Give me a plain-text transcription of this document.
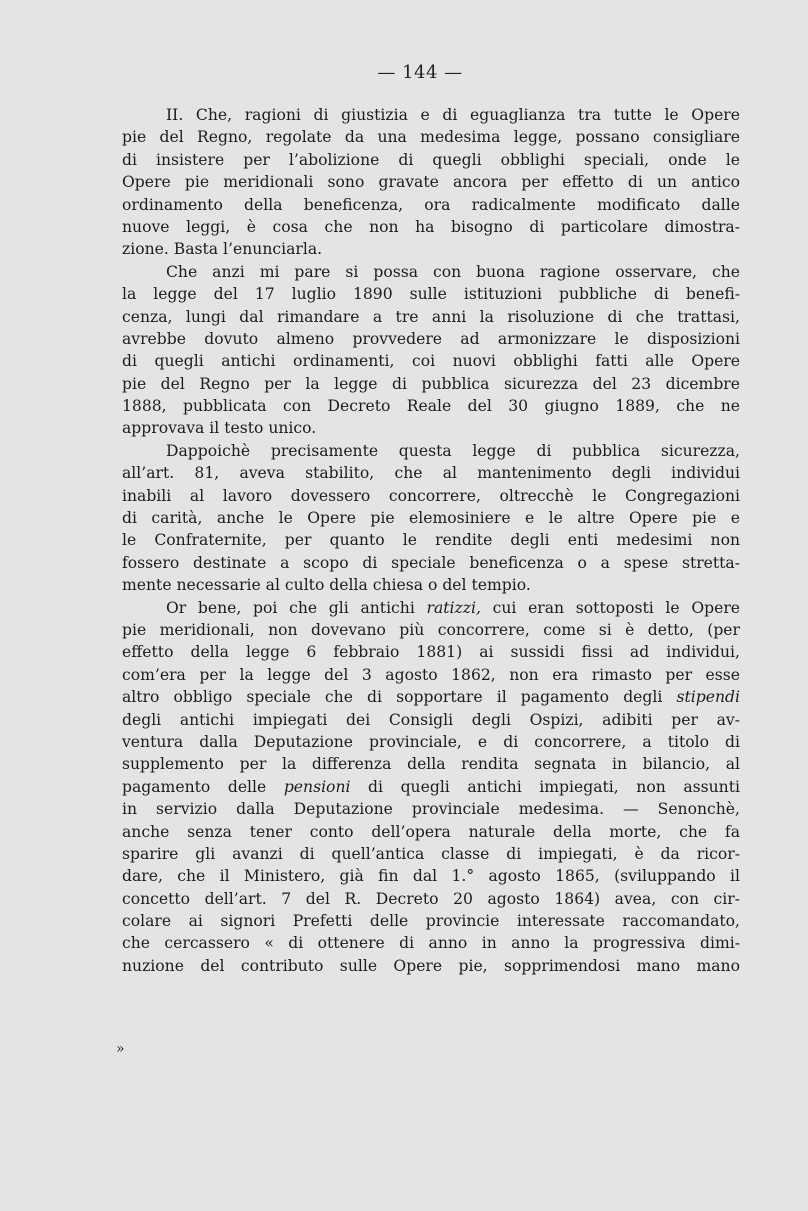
— 144 —
II. Che, ragioni di giustizia e di eguaglianza tra tutte le Opere
pie del Regno, regolate da una medesima legge, possano consigliare
di insistere per l’abolizione di quegli obblighi speciali, onde le
Opere pie meridionali sono gravate ancora per effetto di un antico
ordinamento della beneficenza, ora radicalmente modificato dalle
nuove leggi, è cosa che non ha bisogno di particolare dimostra-
zione. Basta l’enunciarla.
Che anzi mi pare si possa con buona ragione osservare, che
la legge del 17 luglio 1890 sulle istituzioni pubbliche di benefi-
cenza, lungi dal rimandare a tre anni la risoluzione di che trattasi,
avrebbe dovuto almeno provvedere ad armonizzare le disposizioni
di quegli antichi ordinamenti, coi nuovi obblighi fatti alle Opere
pie del Regno per la legge di pubblica sicurezza del 23 dicembre
1888, pubblicata con Decreto Reale del 30 giugno 1889, che ne
approvava il testo unico.
Dappoichè precisamente questa legge di pubblica sicurezza,
all’art. 81, aveva stabilito, che al mantenimento degli individui
inabili al lavoro dovessero concorrere, oltrecchè le Congregazioni
di carità, anche le Opere pie elemosiniere e le altre Opere pie e
le Confraternite, per quanto le rendite degli enti medesimi non
fossero destinate a scopo di speciale beneficenza o a spese stretta-
mente necessarie al culto della chiesa o del tempio.
Or bene, poi che gli antichi ratizzi, cui eran sottoposti le Opere
pie meridionali, non dovevano più concorrere, come si è detto, (per
effetto della legge 6 febbraio 1881) ai sussidi fissi ad individui,
com’era per la legge del 3 agosto 1862, non era rimasto per esse
altro obbligo speciale che di sopportare il pagamento degli stipendi
degli antichi impiegati dei Consigli degli Ospizi, adibiti per av-
ventura dalla Deputazione provinciale, e di concorrere, a titolo di
supplemento per la differenza della rendita segnata in bilancio, al
pagamento delle pensioni di quegli antichi impiegati, non assunti
in servizio dalla Deputazione provinciale medesima. — Senonchè,
anche senza tener conto dell’opera naturale della morte, che fa
sparire gli avanzi di quell’antica classe di impiegati, è da ricor-
dare, che il Ministero, già fin dal 1.° agosto 1865, (sviluppando il
concetto dell’art. 7 del R. Decreto 20 agosto 1864) avea, con cir-
colare ai signori Prefetti delle provincie interessate raccomandato,
che cercassero « di ottenere di anno in anno la progressiva dimi-
nuzione del contributo sulle Opere pie, sopprimendosi mano mano
»
